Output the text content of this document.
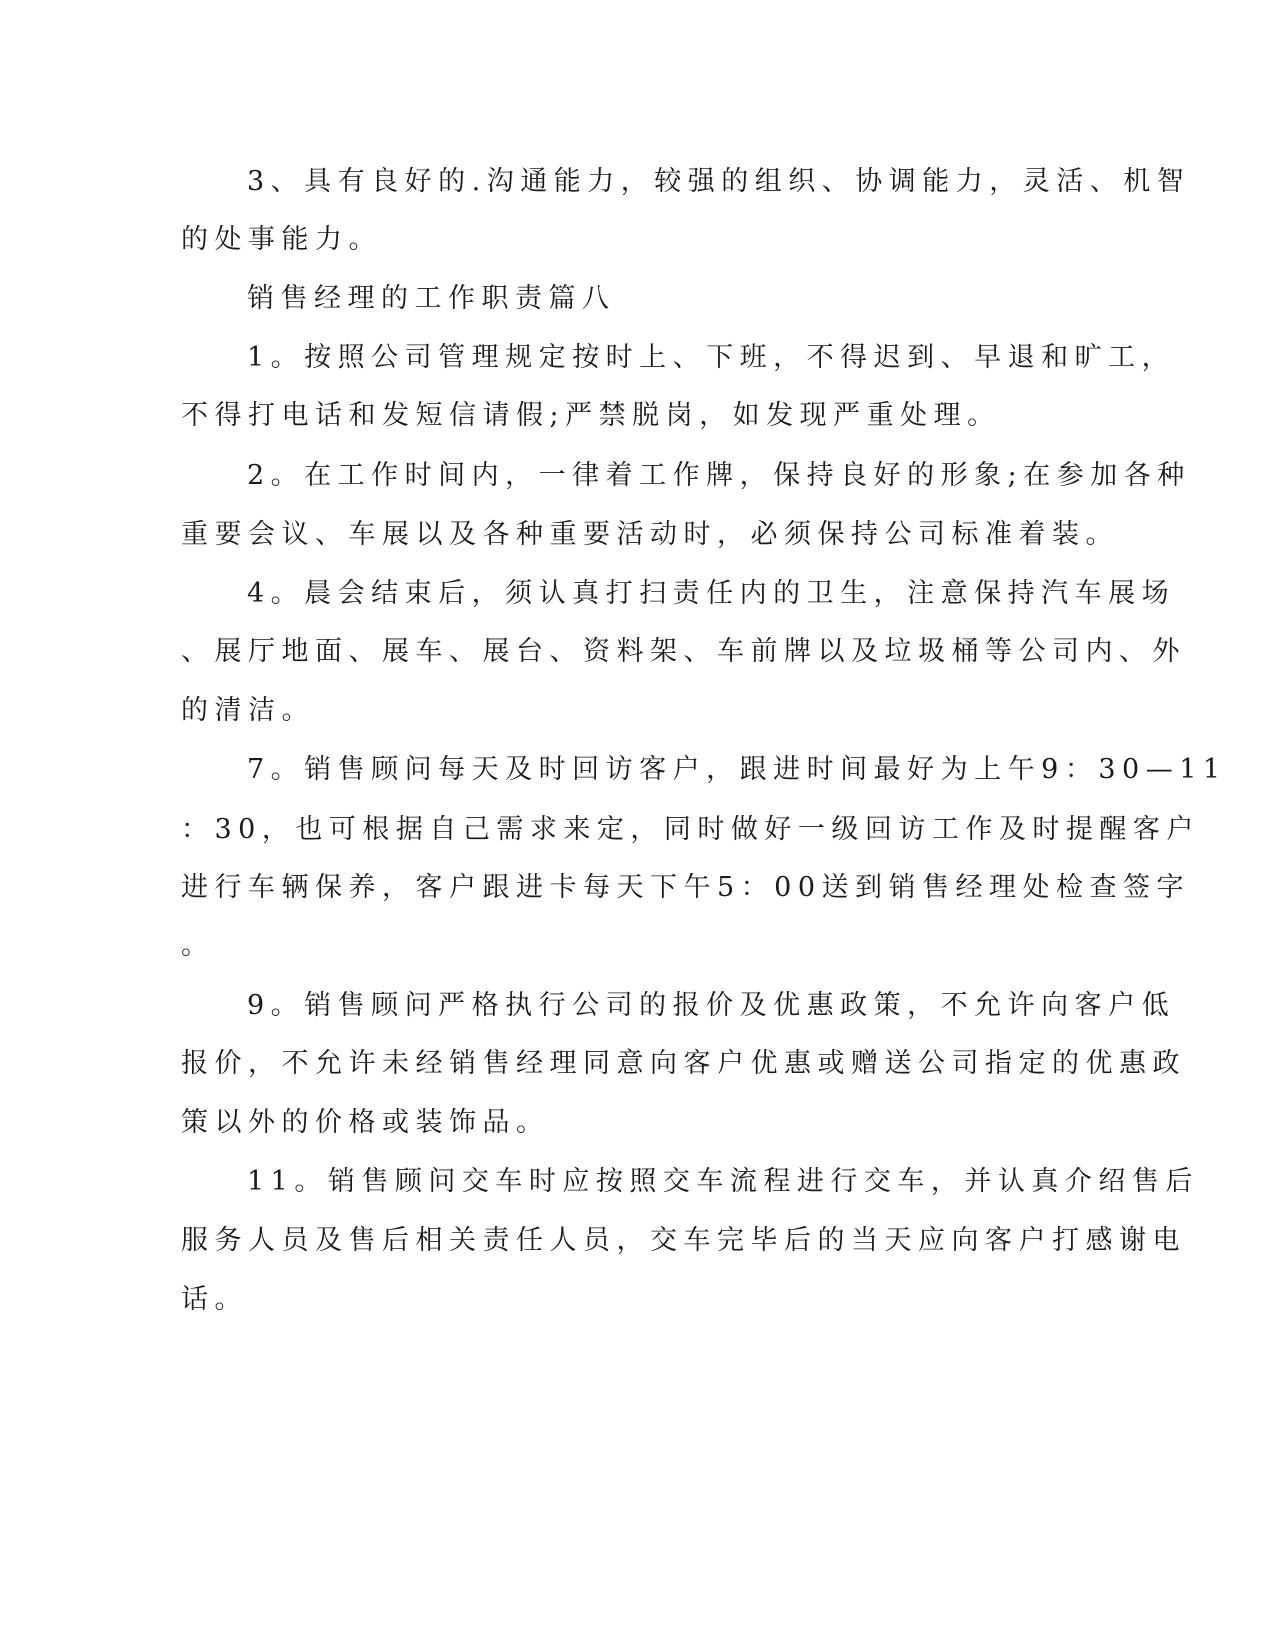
3、具有良好的.沟通能力，较强的组织、协调能力，灵活、机智
的处事能力。
销售经理的工作职责篇八
1。按照公司管理规定按时上、下班，不得迟到、早退和旷工，
不得打电话和发短信请假;严禁脱岗，如发现严重处理。
2。在工作时间内，一律着工作牌，保持良好的形象;在参加各种
重要会议、车展以及各种重要活动时，必须保持公司标准着装。
4。晨会结束后，须认真打扫责任内的卫生，注意保持汽车展场
、展厅地面、展车、展台、资料架、车前牌以及垃圾桶等公司内、外
的清洁。
7。销售顾问每天及时回访客户，跟进时间最好为上午9：30—11
：30，也可根据自己需求来定，同时做好一级回访工作及时提醒客户
进行车辆保养，客户跟进卡每天下午5：00送到销售经理处检查签字
。
9。销售顾问严格执行公司的报价及优惠政策，不允许向客户低
报价，不允许未经销售经理同意向客户优惠或赠送公司指定的优惠政
策以外的价格或装饰品。
11。销售顾问交车时应按照交车流程进行交车，并认真介绍售后
服务人员及售后相关责任人员，交车完毕后的当天应向客户打感谢电
话。
